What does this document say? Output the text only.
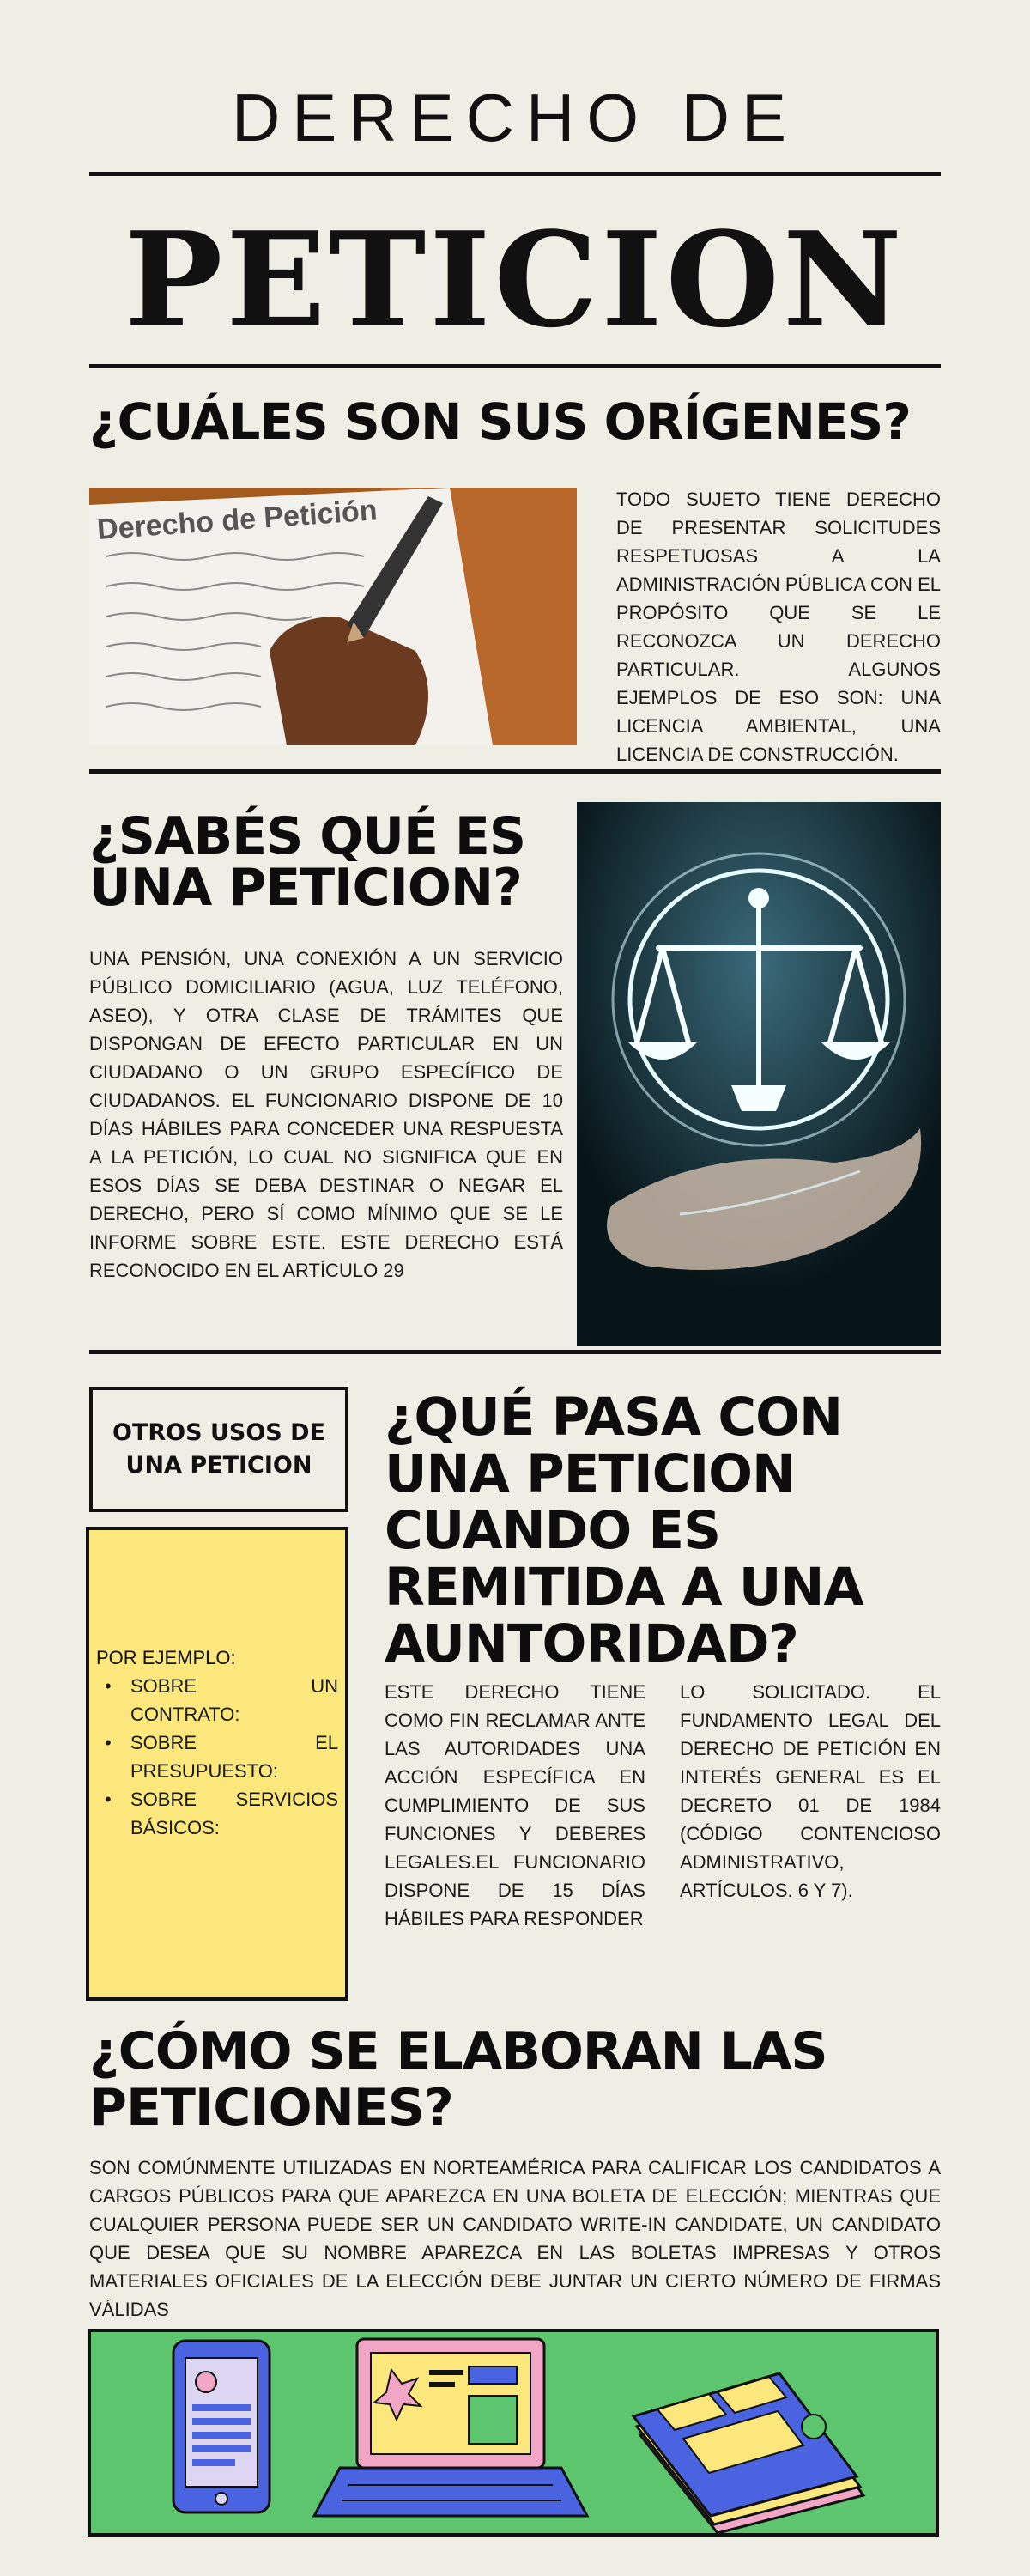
DERECHO DE
PETICION
¿CUÁLES SON SUS ORÍGENES?
Derecho de Petición	TODO SUJETO TIENE DERECHO DE PRESENTAR SOLICITUDES RESPETUOSAS A LA ADMINISTRACIÓN PÚBLICA CON EL PROPÓSITO QUE SE LE RECONOZCA UN DERECHO PARTICULAR. ALGUNOS EJEMPLOS DE ESO SON: UNA LICENCIA AMBIENTAL, UNA LICENCIA DE CONSTRUCCIÓN.
¿SABÉS QUÉ ES
UNA PETICION?
UNA PENSIÓN, UNA CONEXIÓN A UN SERVICIO PÚBLICO DOMICILIARIO (AGUA, LUZ TELÉFONO, ASEO), Y OTRA CLASE DE TRÁMITES QUE DISPONGAN DE EFECTO PARTICULAR EN UN CIUDADANO O UN GRUPO ESPECÍFICO DE CIUDADANOS. EL FUNCIONARIO DISPONE DE 10 DÍAS HÁBILES PARA CONCEDER UNA RESPUESTA A LA PETICIÓN, LO CUAL NO SIGNIFICA QUE EN ESOS DÍAS SE DEBA DESTINAR O NEGAR EL DERECHO, PERO SÍ COMO MÍNIMO QUE SE LE INFORME SOBRE ESTE. ESTE DERECHO ESTÁ RECONOCIDO EN EL ARTÍCULO 29
OTROS USOS DE UNA PETICION
POR EJEMPLO:
• SOBRE UN CONTRATO:
• SOBRE EL PRESUPUESTO:
• SOBRE SERVICIOS BÁSICOS:
¿QUÉ PASA CON
UNA PETICION
CUANDO ES
REMITIDA A UNA
AUNTORIDAD?
ESTE DERECHO TIENE COMO FIN RECLAMAR ANTE LAS AUTORIDADES UNA ACCIÓN ESPECÍFICA EN CUMPLIMIENTO DE SUS FUNCIONES Y DEBERES LEGALES.EL FUNCIONARIO DISPONE DE 15 DÍAS HÁBILES PARA RESPONDER
LO SOLICITADO. EL FUNDAMENTO LEGAL DEL DERECHO DE PETICIÓN EN INTERÉS GENERAL ES EL DECRETO 01 DE 1984 (CÓDIGO CONTENCIOSO ADMINISTRATIVO, ARTÍCULOS. 6 Y 7).
¿CÓMO SE ELABORAN LAS
PETICIONES?
SON COMÚNMENTE UTILIZADAS EN NORTEAMÉRICA PARA CALIFICAR LOS CANDIDATOS A CARGOS PÚBLICOS PARA QUE APAREZCA EN UNA BOLETA DE ELECCIÓN; MIENTRAS QUE CUALQUIER PERSONA PUEDE SER UN CANDIDATO WRITE-IN CANDIDATE, UN CANDIDATO QUE DESEA QUE SU NOMBRE APAREZCA EN LAS BOLETAS IMPRESAS Y OTROS MATERIALES OFICIALES DE LA ELECCIÓN DEBE JUNTAR UN CIERTO NÚMERO DE FIRMAS VÁLIDAS
